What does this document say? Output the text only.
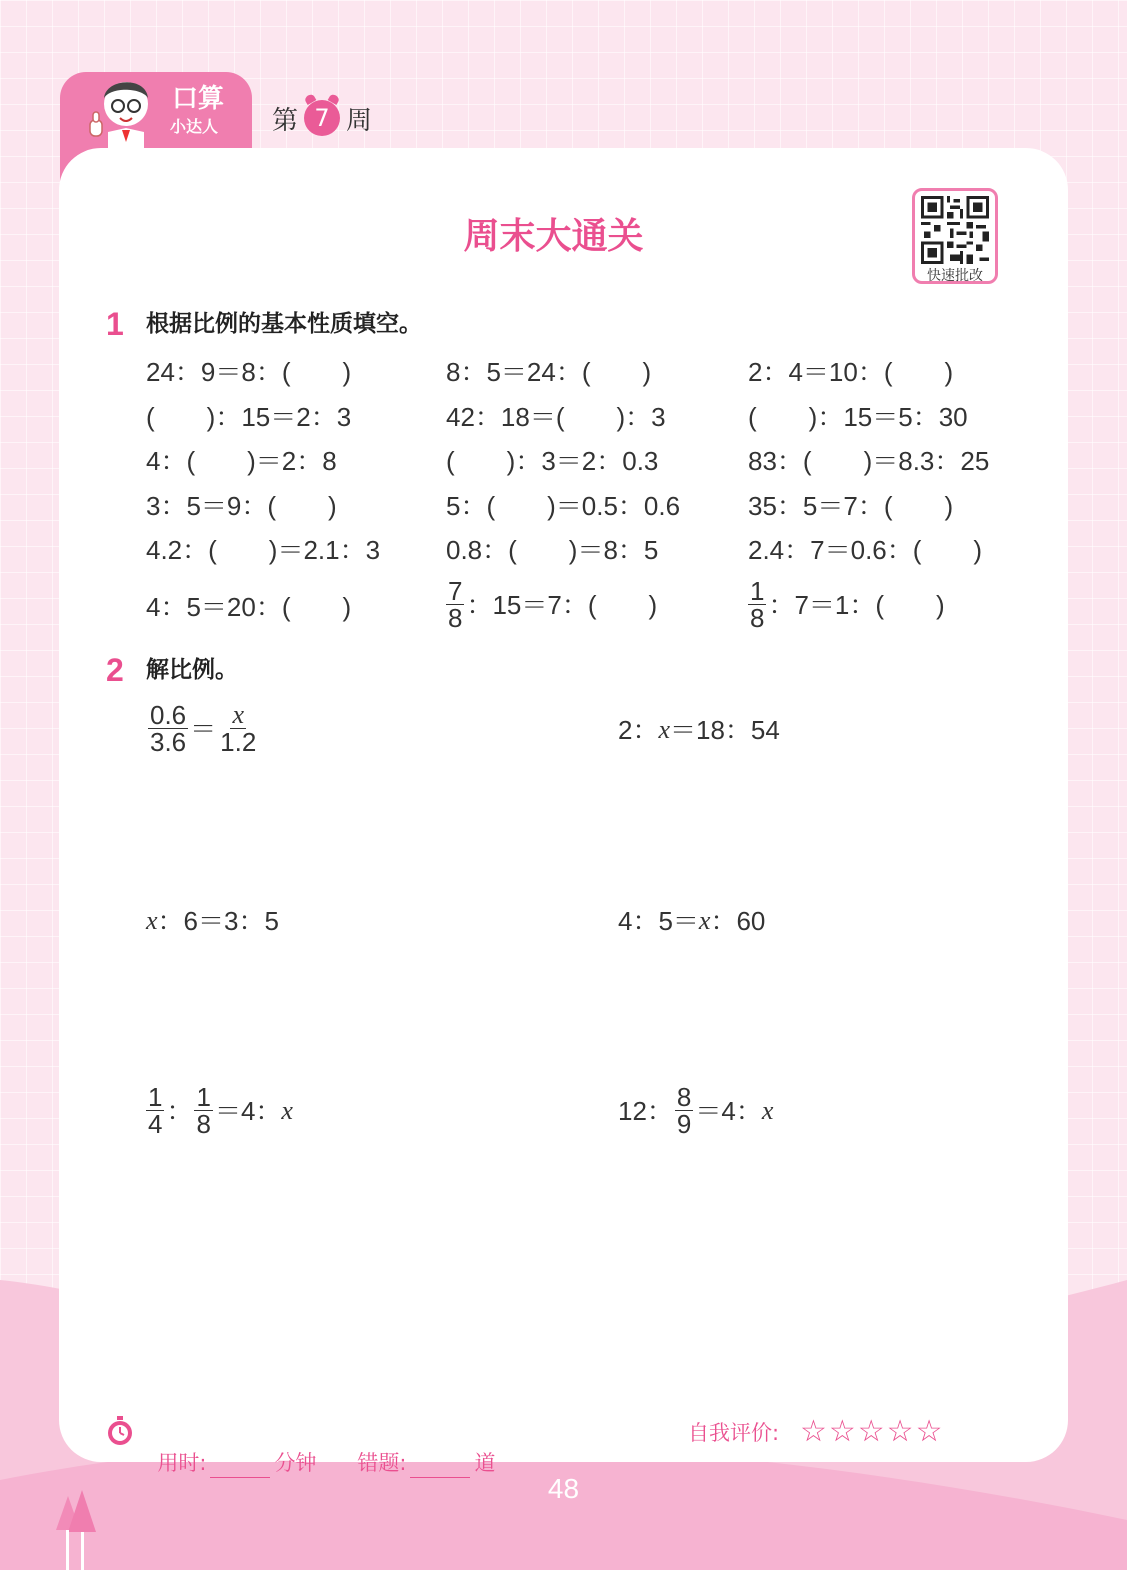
口算
小达人 第 7 周
周末大通关
快速批改
1 根据比例的基本性质填空。
24：9＝8：(　　)	8：5＝24：(　　)	2：4＝10：(　　)
(　　)：15＝2：3	42：18＝(　　)：3	(　　)：15＝5：30
4：(　　)＝2：8	(　　)：3＝2：0.3	83：(　　)＝8.3：25
3：5＝9：(　　)	5：(　　)＝0.5：0.6	35：5＝7：(　　)
4.2：(　　)＝2.1：3	0.8：(　　)＝8：5	2.4：7＝0.6：(　　)
4：5＝20：(　　)	$\frac{7}{8}$ ：15＝7：(　　)	$\frac{1}{8}$ ：7＝1：(　　)
2 解比例。
$\frac{0.6}{3.6} = \frac{x}{1.2}$	2： x ＝18：54
x ：6＝3：5	4：5＝ x ：60
$\frac{1}{4}$ ： $\frac{1}{8} =4$： x	12： $\frac{8}{9} =4$： x

用时:	分钟	错题:	道

自我评价: ☆☆☆☆☆
48
